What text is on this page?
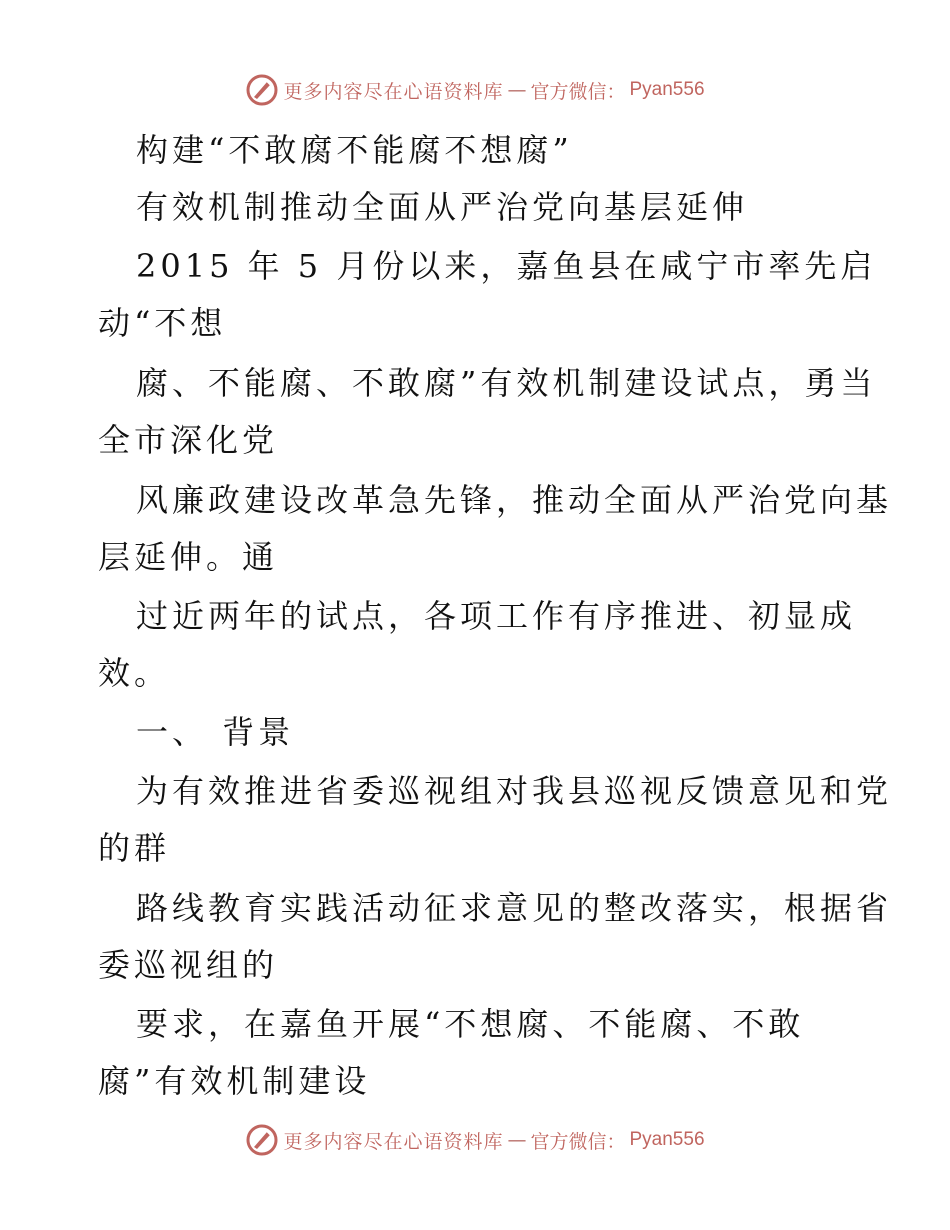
更多内容尽在心语资料库 — 官方微信： Pyan556
构建“不敢腐不能腐不想腐”
有效机制推动全面从严治党向基层延伸
2015 年 5 月份以来，嘉鱼县在咸宁市率先启
动“不想
腐、不能腐、不敢腐”有效机制建设试点，勇当
全市深化党
风廉政建设改革急先锋，推动全面从严治党向基
层延伸。通
过近两年的试点，各项工作有序推进、初显成
效。
一、 背景
为有效推进省委巡视组对我县巡视反馈意见和党
的群
路线教育实践活动征求意见的整改落实，根据省
委巡视组的
要求，在嘉鱼开展“不想腐、不能腐、不敢
腐”有效机制建设
更多内容尽在心语资料库 — 官方微信： Pyan556
